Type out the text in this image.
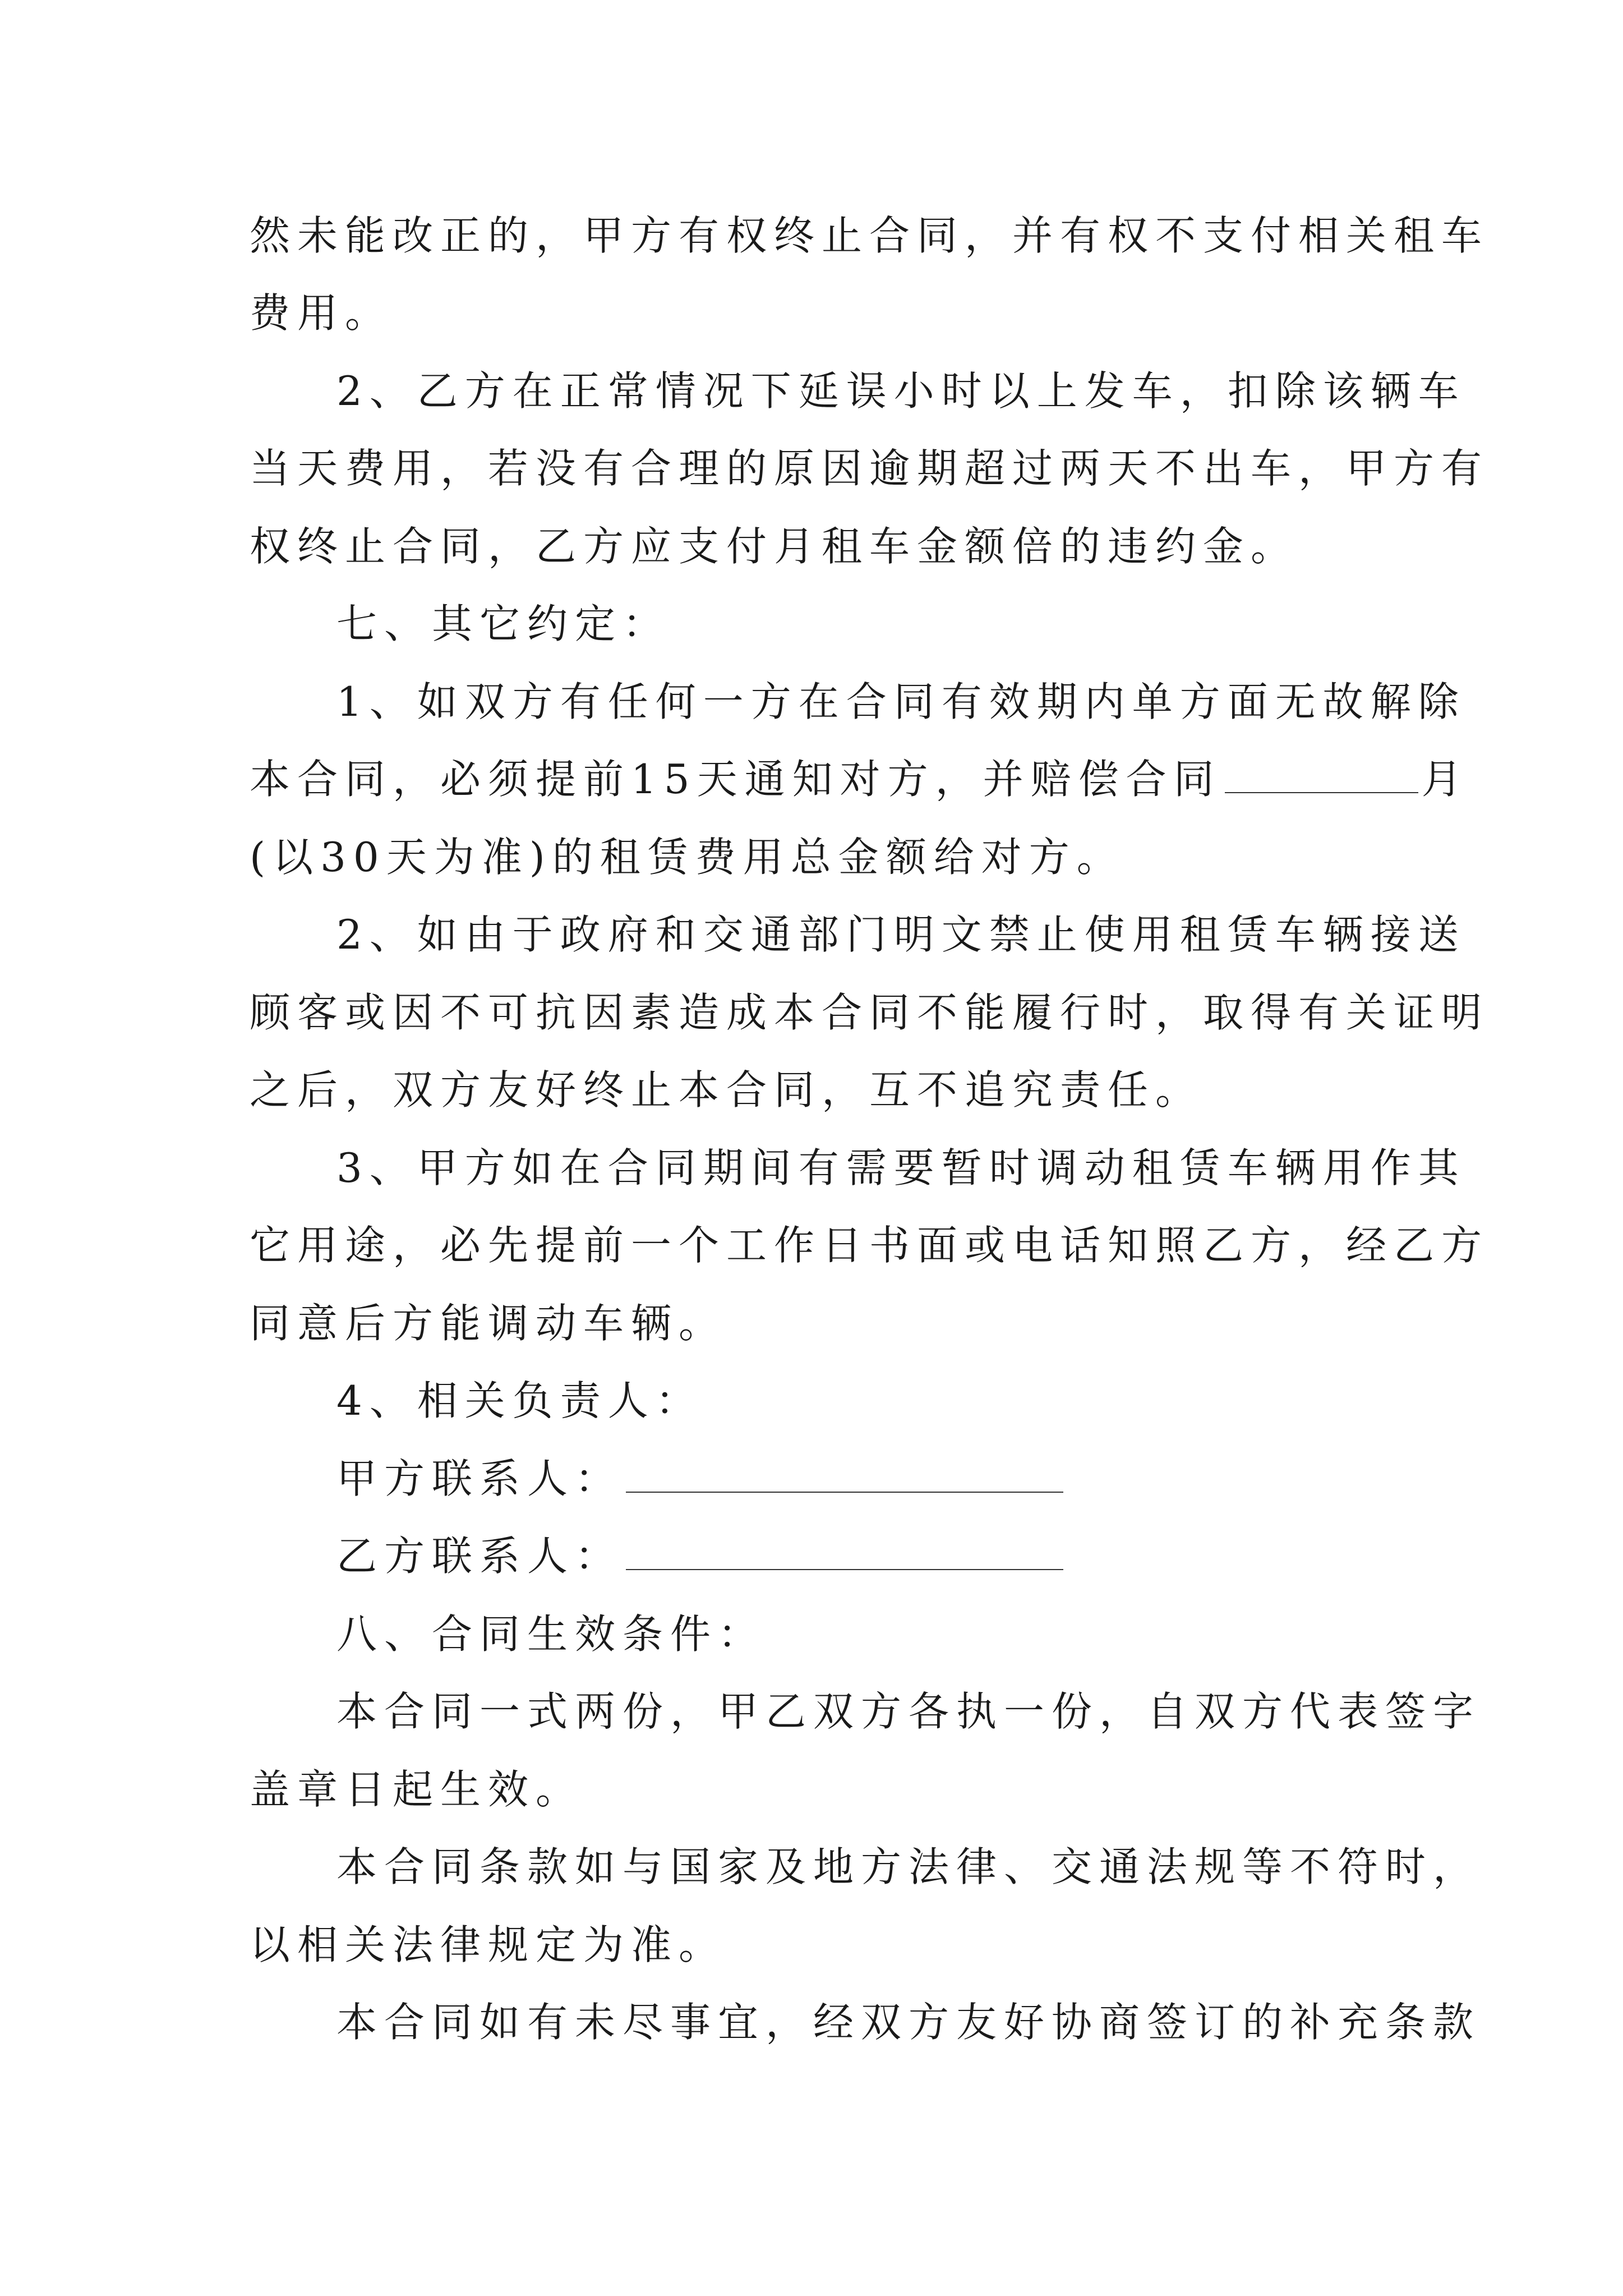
然未能改正的，甲方有权终止合同，并有权不支付相关租车
费用。
2、乙方在正常情况下延误小时以上发车，扣除该辆车
当天费用，若没有合理的原因逾期超过两天不出车，甲方有
权终止合同，乙方应支付月租车金额倍的违约金。
七、其它约定：
1、如双方有任何一方在合同有效期内单方面无故解除
本合同，必须提前15天通知对方，并赔偿合同	月
(以30天为准)的租赁费用总金额给对方。
2、如由于政府和交通部门明文禁止使用租赁车辆接送
顾客或因不可抗因素造成本合同不能履行时，取得有关证明
之后，双方友好终止本合同，互不追究责任。
3、甲方如在合同期间有需要暂时调动租赁车辆用作其
它用途，必先提前一个工作日书面或电话知照乙方，经乙方
同意后方能调动车辆。
4、相关负责人：
甲方联系人：
乙方联系人：
八、合同生效条件：
本合同一式两份，甲乙双方各执一份，自双方代表签字
盖章日起生效。
本合同条款如与国家及地方法律、交通法规等不符时，
以相关法律规定为准。
本合同如有未尽事宜，经双方友好协商签订的补充条款
